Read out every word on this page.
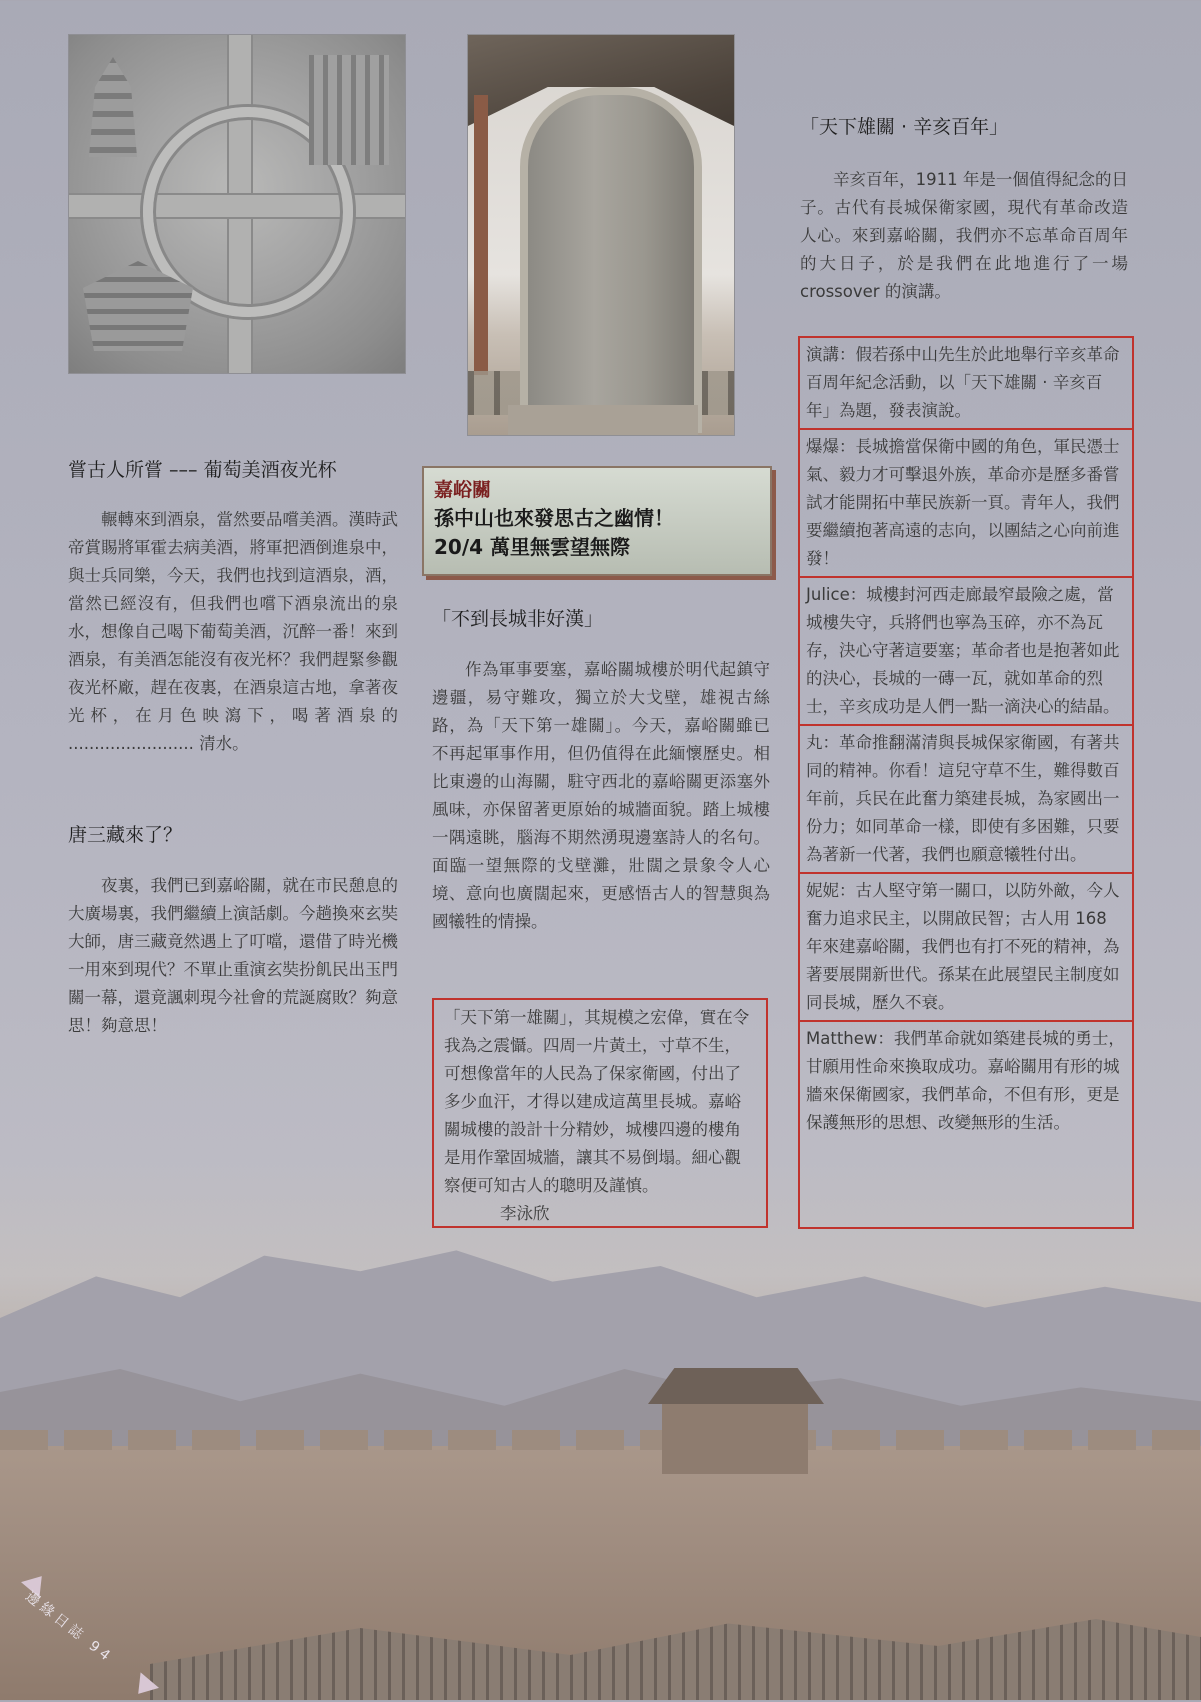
嘗古人所嘗 ––– 葡萄美酒夜光杯

輾轉來到酒泉，當然要品嚐美酒。漢時武帝賞賜將軍霍去病美酒，將軍把酒倒進泉中，與士兵同樂，今天，我們也找到這酒泉，酒，當然已經沒有，但我們也嚐下酒泉流出的泉水，想像自己喝下葡萄美酒，沉醉一番！來到酒泉，有美酒怎能沒有夜光杯？我們趕緊參觀夜光杯廠，趕在夜裏，在酒泉這古地，拿著夜光杯，在月色映瀉下，喝著酒泉的 ........................ 清水。

唐三藏來了？

夜裏，我們已到嘉峪關，就在市民憩息的大廣場裏，我們繼續上演話劇。今趟換來玄奘大師，唐三藏竟然遇上了叮噹，還借了時光機一用來到現代？不單止重演玄奘扮飢民出玉門關一幕，還竟諷刺現今社會的荒誕腐敗？夠意思！夠意思！

嘉峪關
孫中山也來發思古之幽情！
20/4 萬里無雲望無際
「不到長城非好漢」

作為軍事要塞，嘉峪關城樓於明代起鎮守邊疆，易守難攻，獨立於大戈壁，雄視古絲路，為「天下第一雄關」。今天，嘉峪關雖已不再起軍事作用，但仍值得在此緬懷歷史。相比東邊的山海關，駐守西北的嘉峪關更添塞外風味，亦保留著更原始的城牆面貌。踏上城樓一隅遠眺，腦海不期然湧現邊塞詩人的名句。面臨一望無際的戈壁灘，壯闊之景象令人心境、意向也廣闊起來，更感悟古人的智慧與為國犧牲的情操。

「天下第一雄關」，其規模之宏偉，實在令我為之震懾。四周一片黃土，寸草不生，可想像當年的人民為了保家衛國，付出了多少血汗，才得以建成這萬里長城。嘉峪關城樓的設計十分精妙，城樓四邊的樓角是用作鞏固城牆，讓其不易倒塌。細心觀察便可知古人的聰明及謹慎。 李泳欣
「天下雄關 ‧ 辛亥百年」

辛亥百年，1911 年是一個值得紀念的日子。古代有長城保衛家國，現代有革命改造人心。來到嘉峪關，我們亦不忘革命百周年的大日子，於是我們在此地進行了一場 crossover 的演講。

演講：假若孫中山先生於此地舉行辛亥革命百周年紀念活動，以「天下雄關 ‧ 辛亥百年」為題，發表演說。
爆爆：長城擔當保衛中國的角色，軍民憑士氣、毅力才可擊退外族，革命亦是歷多番嘗試才能開拓中華民族新一頁。青年人，我們要繼續抱著高遠的志向，以團結之心向前進發！
Julice：城樓封河西走廊最窄最險之處，當城樓失守，兵將們也寧為玉碎，亦不為瓦存，決心守著這要塞；革命者也是抱著如此的決心，長城的一磚一瓦，就如革命的烈士，辛亥成功是人們一點一滴決心的結晶。
丸：革命推翻滿清與長城保家衛國，有著共同的精神。你看！這兒守草不生，難得數百年前，兵民在此奮力築建長城，為家國出一份力；如同革命一樣，即使有多困難，只要為著新一代著，我們也願意犧牲付出。
妮妮：古人堅守第一關口，以防外敵，今人奮力追求民主，以開啟民智；古人用 168 年來建嘉峪關，我們也有打不死的精神，為著要展開新世代。孫某在此展望民主制度如同長城，歷久不衰。
Matthew：我們革命就如築建長城的勇士，甘願用性命來換取成功。嘉峪關用有形的城牆來保衛國家，我們革命，不但有形，更是保護無形的思想、改變無形的生活。
邊緣日誌 94
